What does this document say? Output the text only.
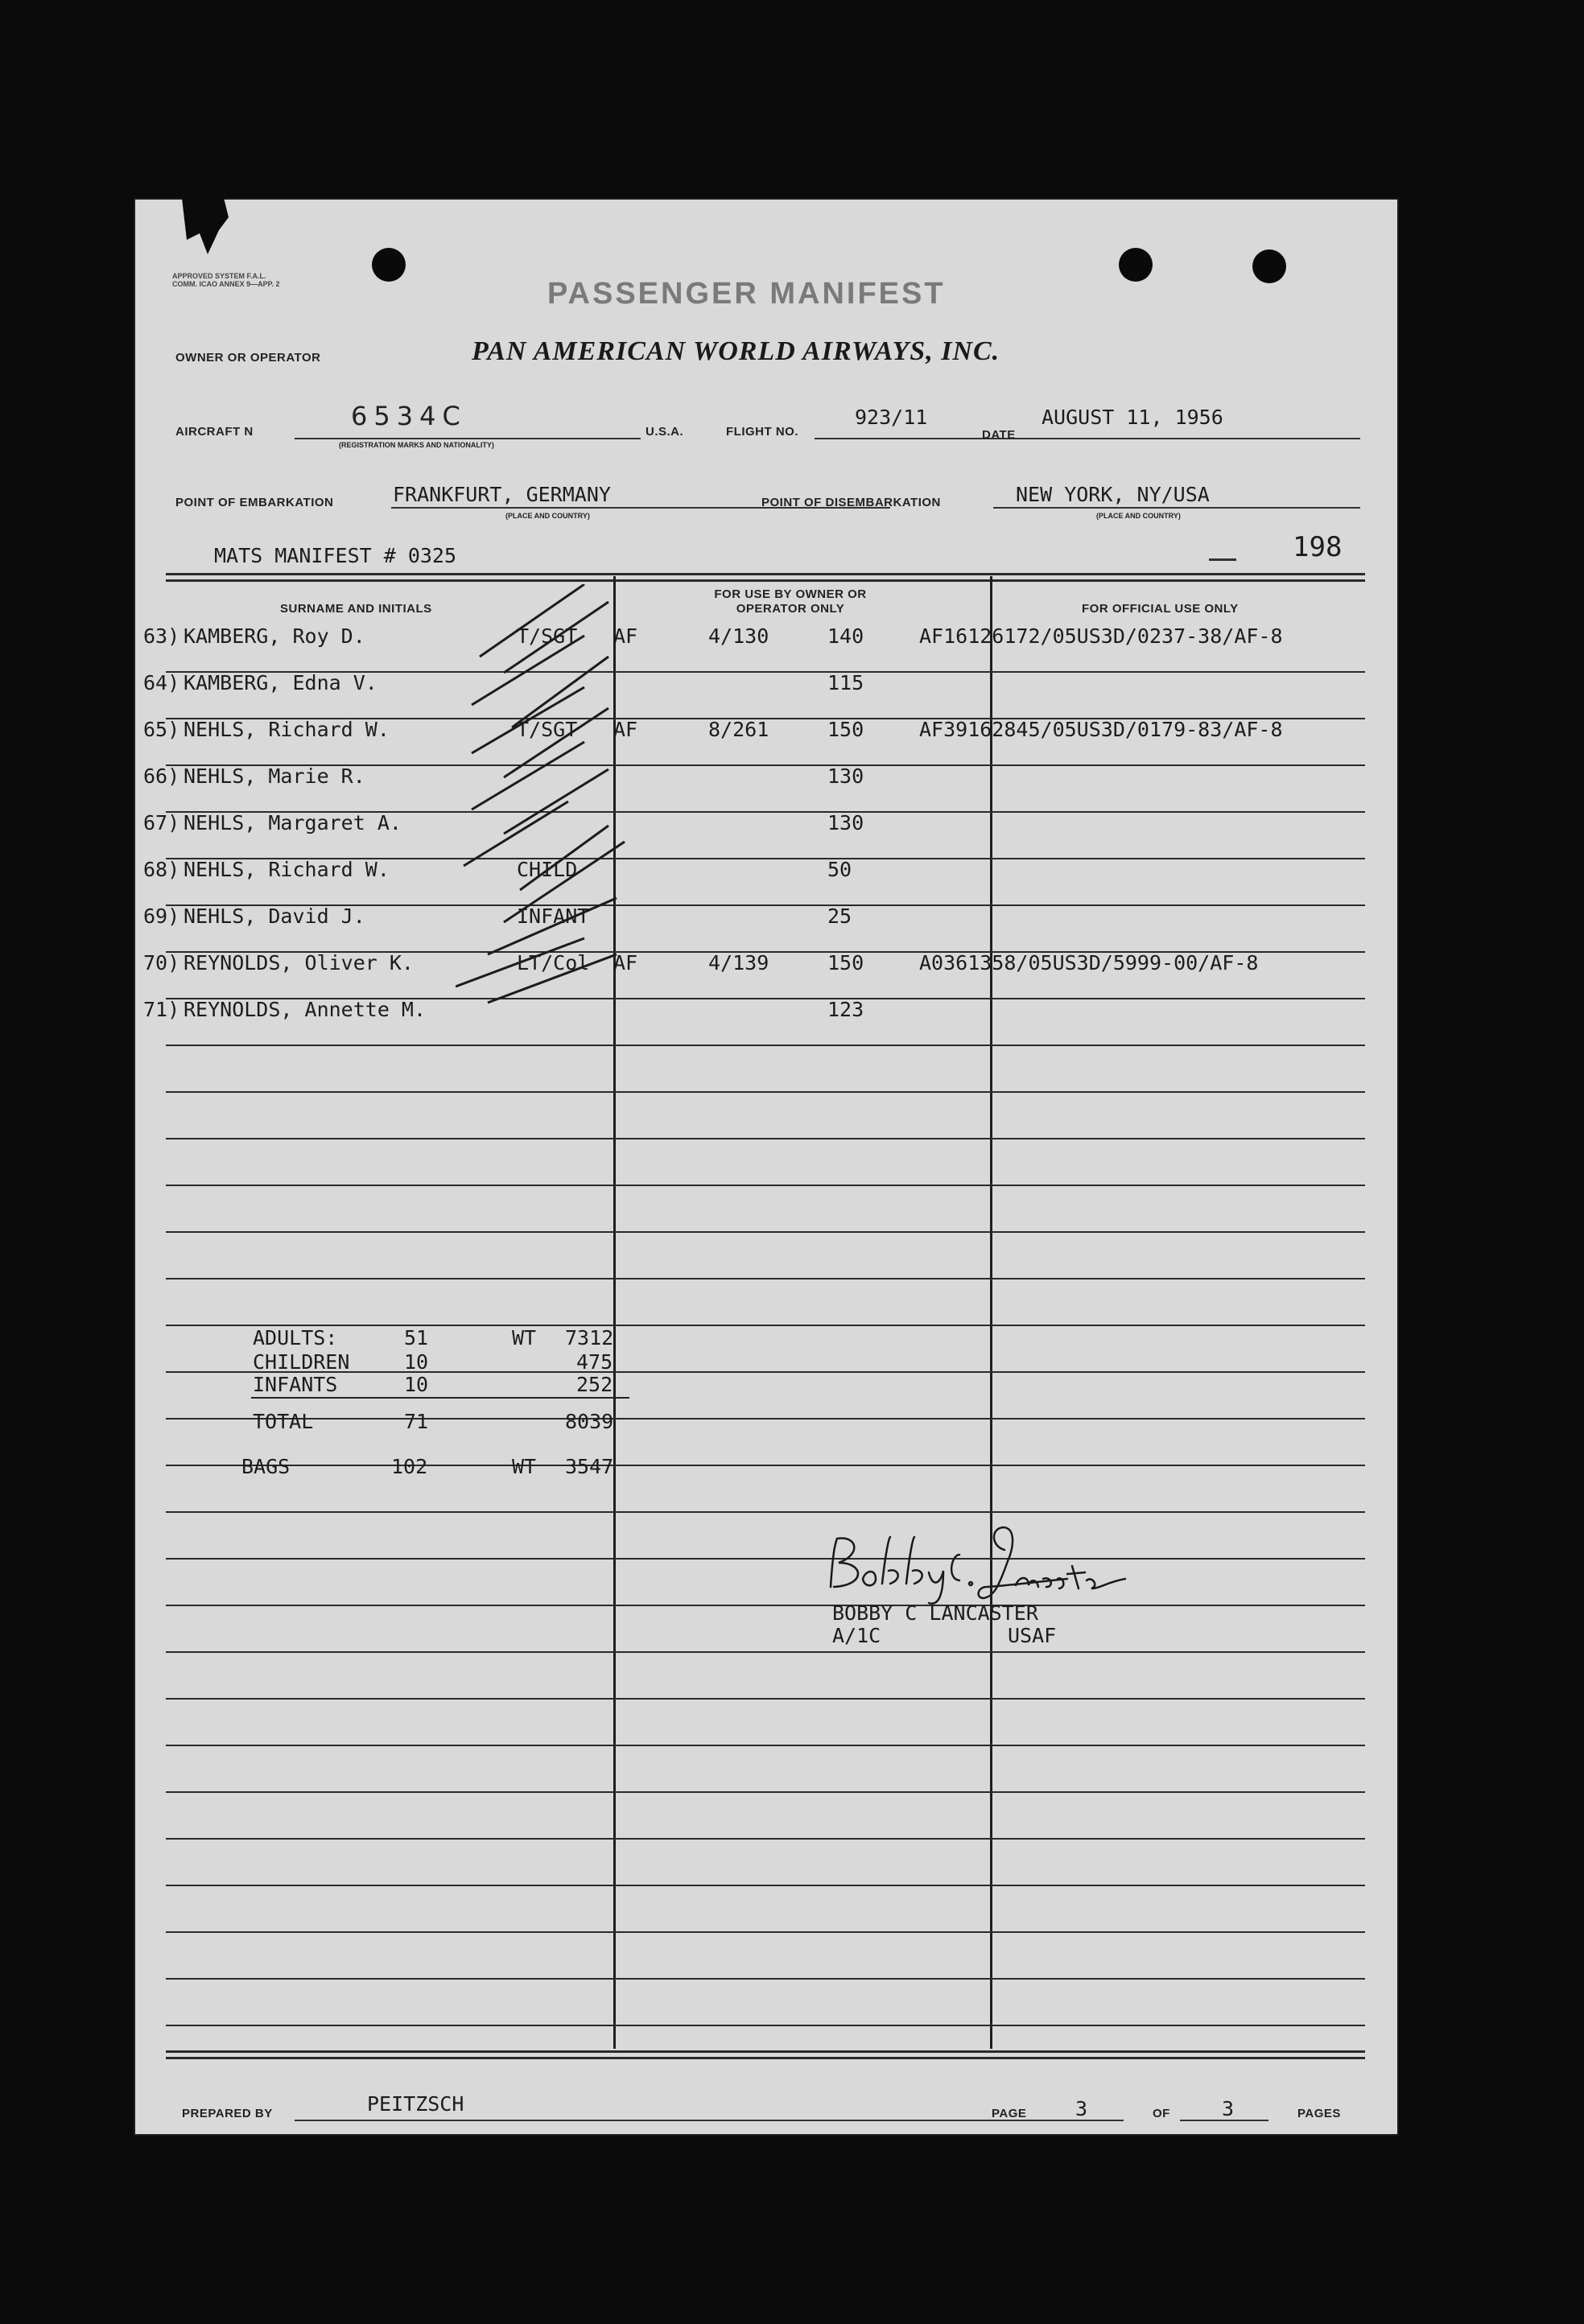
APPROVED SYSTEM F.A.L. COMM. ICAO ANNEX 9—APP. 2	PASSENGER MANIFEST
OWNER OR OPERATOR	PAN AMERICAN WORLD AIRWAYS, INC.
AIRCRAFT N
6534C
(REGISTRATION MARKS AND NATIONALITY)
U.S.A.	FLIGHT NO.
923/11
DATE
AUGUST 11, 1956
POINT OF EMBARKATION	FRANKFURT, GERMANY
(PLACE AND COUNTRY)
POINT OF DISEMBARKATION	NEW YORK, NY/USA
(PLACE AND COUNTRY)
MATS MANIFEST # 0325	198
SURNAME AND INITIALS
FOR USE BY OWNER OR OPERATOR ONLY	FOR OFFICIAL USE ONLY
63) KAMBERG, Roy D.	T/SGT AF	4/130	140	AF16126172/05US3D/0237-38/AF-8
64) KAMBERG, Edna V.	115
65) NEHLS, Richard W.	T/SGT AF	8/261	150	AF39162845/05US3D/0179-83/AF-8
66) NEHLS, Marie R.	130
67) NEHLS, Margaret A.	130
68) NEHLS, Richard W.	CHILD	50
69) NEHLS, David J.	INFANT	25
70) REYNOLDS, Oliver K.	LT/Col AF	4/139	150	A0361358/05US3D/5999-00/AF-8
71) REYNOLDS, Annette M.	123
ADULTS:	51	WT 7312
CHILDREN	10	475
INFANTS	10	252
TOTAL	71	8039
BAGS	102	WT 3547
BOBBY C LANCASTER
A/1C	USAF
PREPARED BY	PEITZSCH	PAGE 3	OF	3	PAGES
